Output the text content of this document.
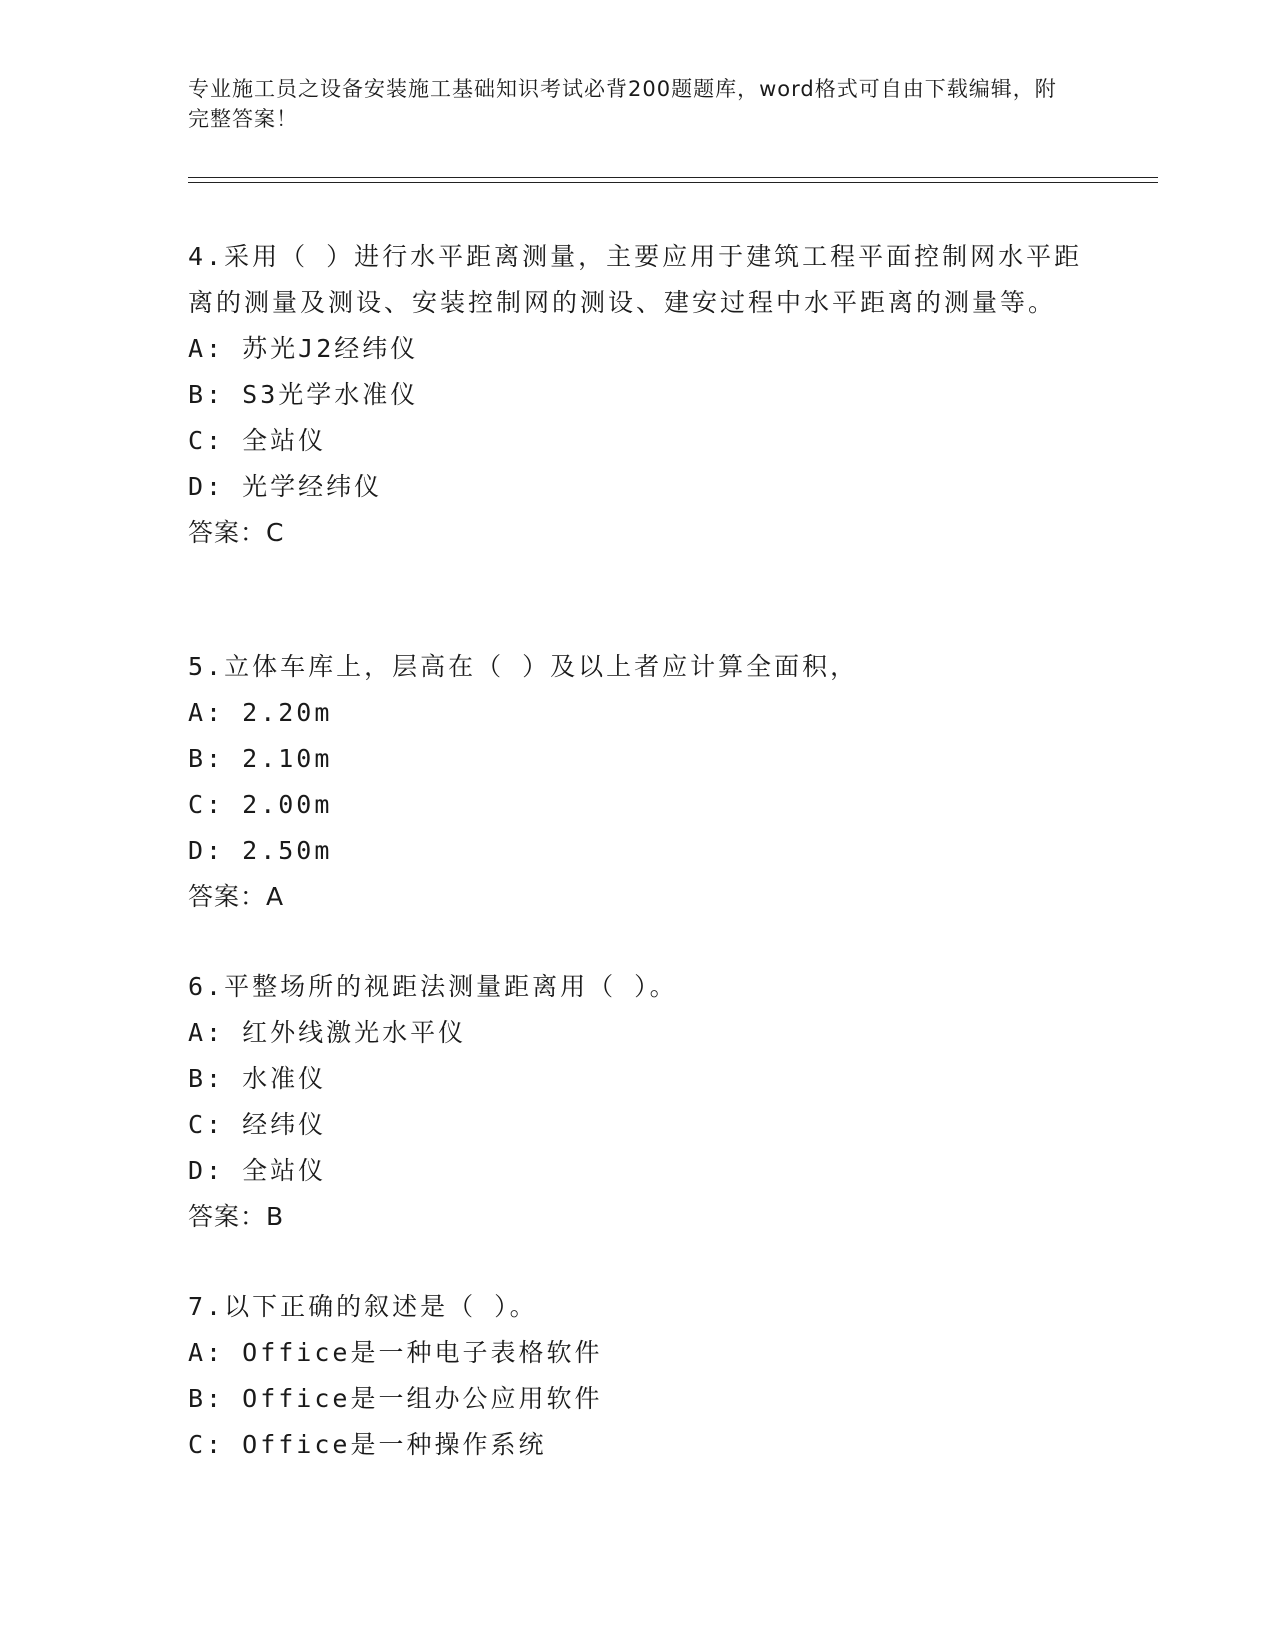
专业施工员之设备安装施工基础知识考试必背200题题库，word格式可自由下载编辑，附完整答案！
4.采用（ ）进行水平距离测量，主要应用于建筑工程平面控制网水平距离的测量及测设、安装控制网的测设、建安过程中水平距离的测量等。
A: 苏光J2经纬仪
B: S3光学水准仪
C: 全站仪
D: 光学经纬仪
答案：C
5.立体车库上，层高在（ ）及以上者应计算全面积，
A: 2.20m
B: 2.10m
C: 2.00m
D: 2.50m
答案：A
6.平整场所的视距法测量距离用（ ）。
A: 红外线激光水平仪
B: 水准仪
C: 经纬仪
D: 全站仪
答案：B
7.以下正确的叙述是（ ）。
A: Office是一种电子表格软件
B: Office是一组办公应用软件
C: Office是一种操作系统
